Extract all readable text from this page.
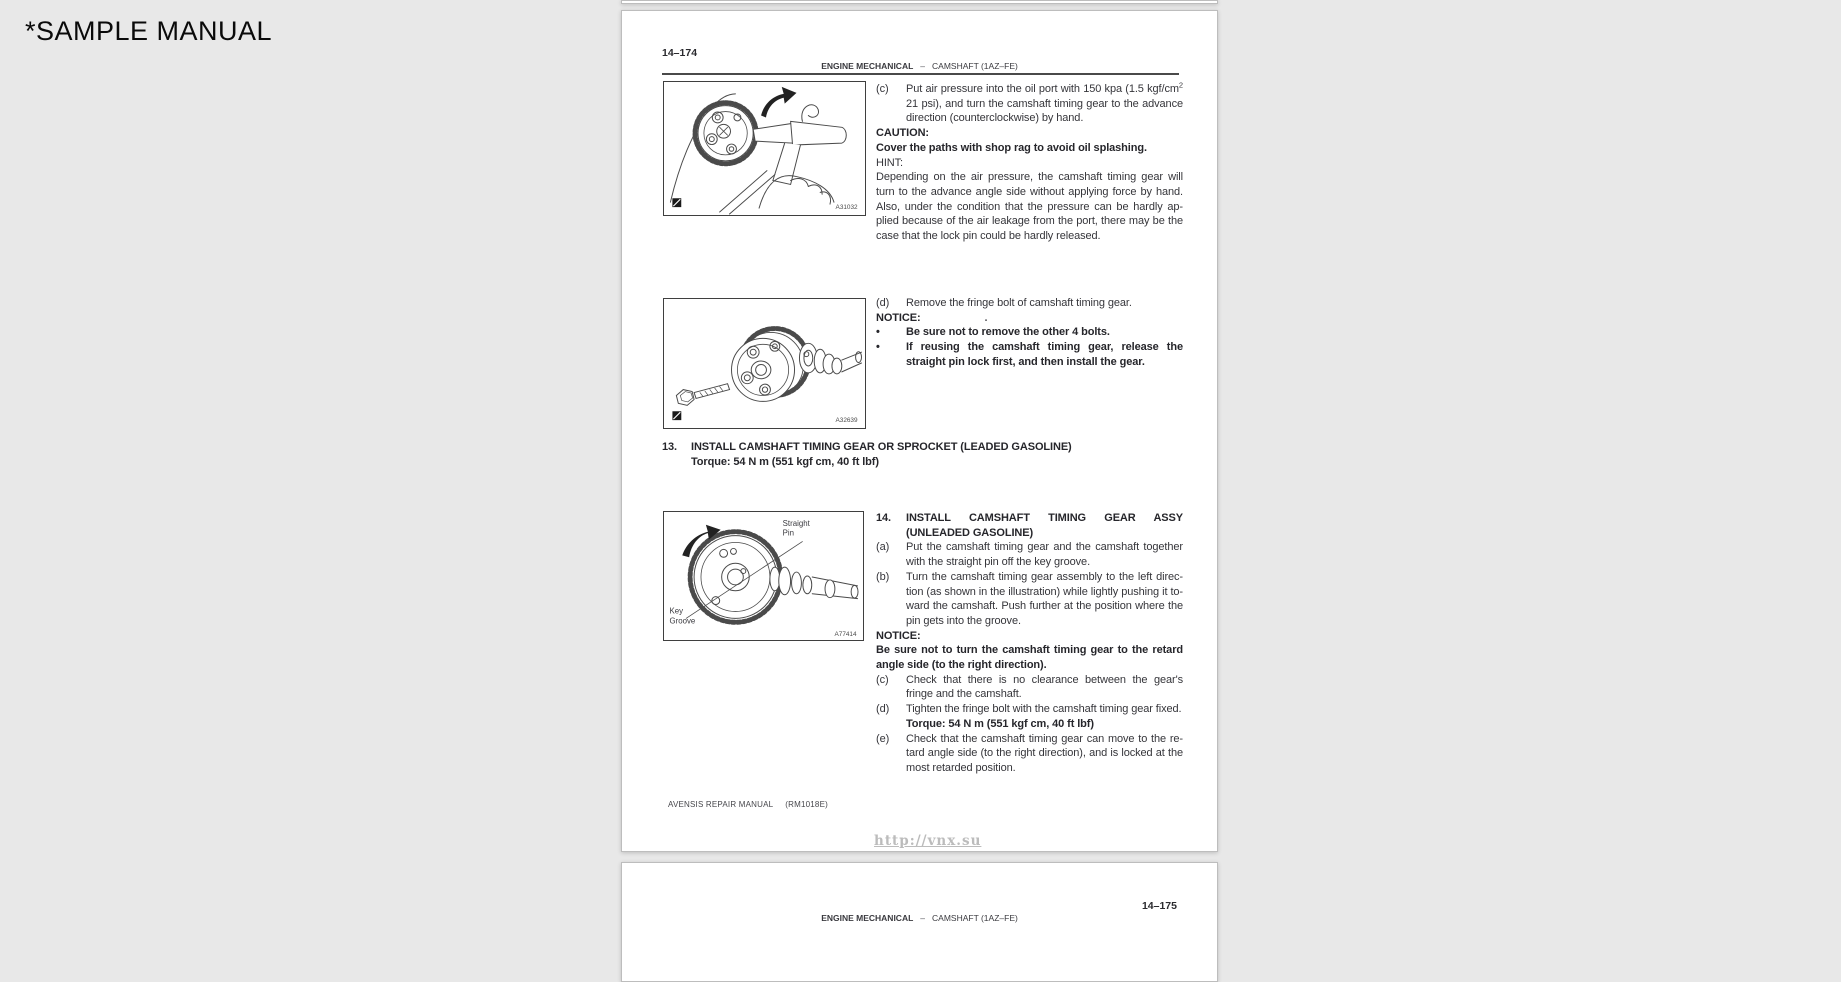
*SAMPLE MANUAL
14–174
ENGINE MECHANICAL – CAMSHAFT (1AZ–FE)
A31032
(c)	Put air pressure into the oil port with 150 kpa (1.5 kgf/$cm^2$
21 psi), and turn the camshaft timing gear to the advance
direction (counterclockwise) by hand.
CAUTION:
Cover the paths with shop rag to avoid oil splashing.
HINT:
Depending on the air pressure, the camshaft timing gear will
turn to the advance angle side without applying force by hand.
Also, under the condition that the pressure can be hardly ap-
plied because of the air leakage from the port, there may be the
case that the lock pin could be hardly released.
A32639
(d)	Remove the fringe bolt of camshaft timing gear.
NOTICE:	.
•	Be sure not to remove the other 4 bolts.
•	If reusing the camshaft timing gear, release the
straight pin lock first, and then install the gear.
13.	INSTALL CAMSHAFT TIMING GEAR OR SPROCKET (LEADED GASOLINE)
Torque: 54 N m (551 kgf cm, 40 ft lbf)
Straight
Pin
Key
Groove
A77414
14.	INSTALL CAMSHAFT TIMING GEAR ASSY
(UNLEADED GASOLINE)
(a)	Put the camshaft timing gear and the camshaft together
with the straight pin off the key groove.
(b)	Turn the camshaft timing gear assembly to the left direc-
tion (as shown in the illustration) while lightly pushing it to-
ward the camshaft. Push further at the position where the
pin gets into the groove.
NOTICE:
Be sure not to turn the camshaft timing gear to the retard
angle side (to the right direction).
(c)	Check that there is no clearance between the gear's
fringe and the camshaft.
(d)	Tighten the fringe bolt with the camshaft timing gear fixed.
Torque: 54 N m (551 kgf cm, 40 ft lbf)
(e)	Check that the camshaft timing gear can move to the re-
tard angle side (to the right direction), and is locked at the
most retarded position.
AVENSIS REPAIR MANUAL (RM1018E)
http://vnx.su
14–175
ENGINE MECHANICAL – CAMSHAFT (1AZ–FE)
